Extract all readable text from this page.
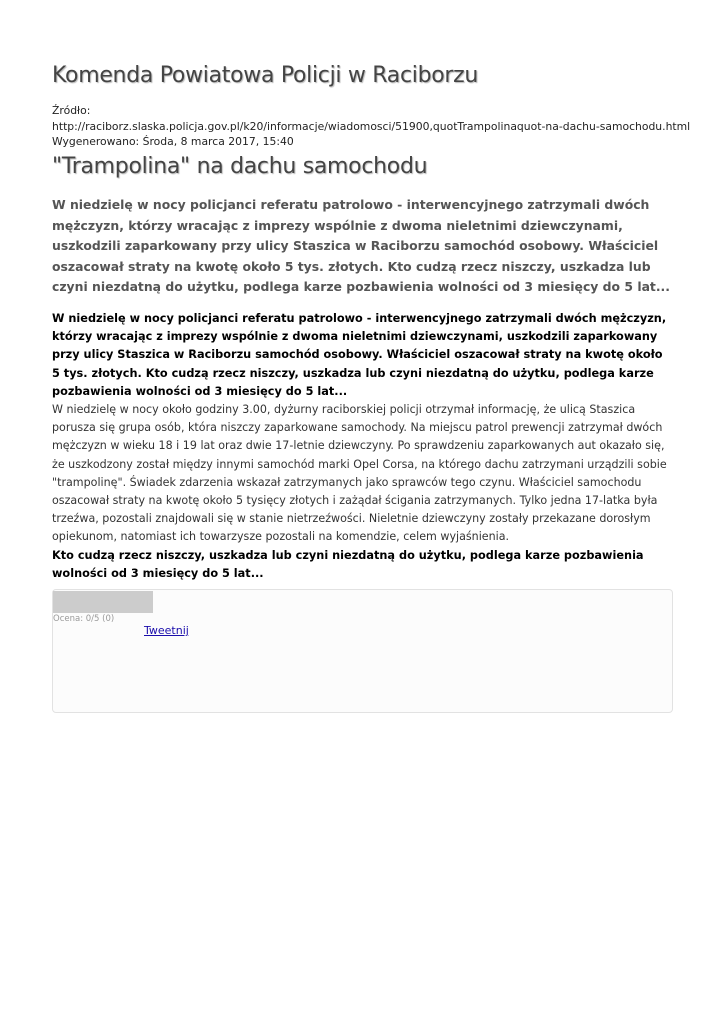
Komenda Powiatowa Policji w Raciborzu
Źródło:
http://raciborz.slaska.policja.gov.pl/k20/informacje/wiadomosci/51900,quotTrampolinaquot-na-dachu-samochodu.html
Wygenerowano: Środa, 8 marca 2017, 15:40
"Trampolina" na dachu samochodu

W niedzielę w nocy policjanci referatu patrolowo - interwencyjnego zatrzymali dwóch mężczyzn, którzy wracając z imprezy wspólnie z dwoma nieletnimi dziewczynami, uszkodzili zaparkowany przy ulicy Staszica w Raciborzu samochód osobowy. Właściciel oszacował straty na kwotę około 5 tys. złotych. Kto cudzą rzecz niszczy, uszkadza lub czyni niezdatną do użytku, podlega karze pozbawienia wolności od 3 miesięcy do 5 lat...

W niedzielę w nocy policjanci referatu patrolowo - interwencyjnego zatrzymali dwóch mężczyzn, którzy wracając z imprezy wspólnie z dwoma nieletnimi dziewczynami, uszkodzili zaparkowany przy ulicy Staszica w Raciborzu samochód osobowy. Właściciel oszacował straty na kwotę około 5 tys. złotych. Kto cudzą rzecz niszczy, uszkadza lub czyni niezdatną do użytku, podlega karze pozbawienia wolności od 3 miesięcy do 5 lat...

W niedzielę w nocy około godziny 3.00, dyżurny raciborskiej policji otrzymał informację, że ulicą Staszica porusza się grupa osób, która niszczy zaparkowane samochody. Na miejscu patrol prewencji zatrzymał dwóch mężczyzn w wieku 18 i 19 lat oraz dwie 17-letnie dziewczyny. Po sprawdzeniu zaparkowanych aut okazało się, że uszkodzony został między innymi samochód marki Opel Corsa, na którego dachu zatrzymani urządzili sobie "trampolinę". Świadek zdarzenia wskazał zatrzymanych jako sprawców tego czynu. Właściciel samochodu oszacował straty na kwotę około 5 tysięcy złotych i zażądał ścigania zatrzymanych. Tylko jedna 17-latka była trzeźwa, pozostali znajdowali się w stanie nietrzeźwości. Nieletnie dziewczyny zostały przekazane dorosłym opiekunom, natomiast ich towarzysze pozostali na komendzie, celem wyjaśnienia.

Kto cudzą rzecz niszczy, uszkadza lub czyni niezdatną do użytku, podlega karze pozbawienia wolności od 3 miesięcy do 5 lat...

Ocena: 0/5 (0)
Tweetnij
